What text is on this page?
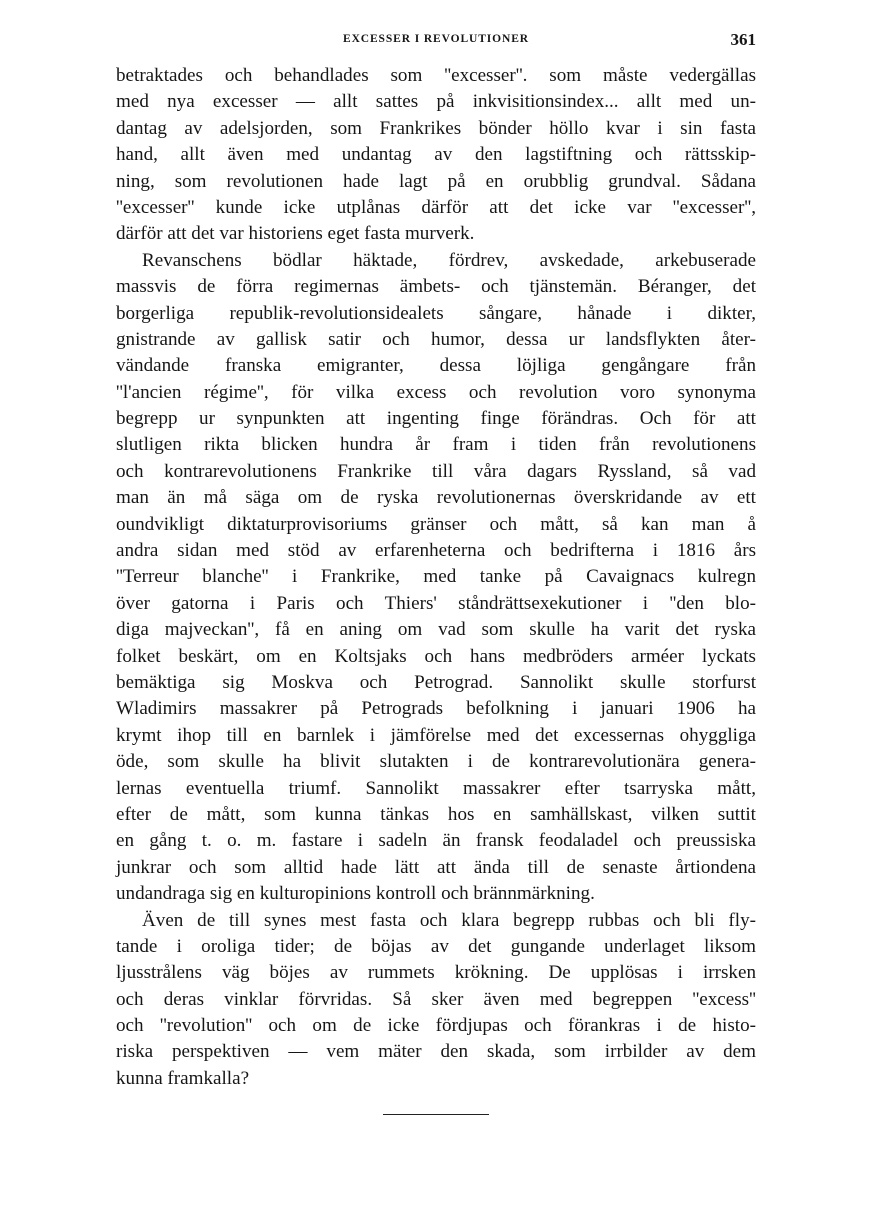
EXCESSER I REVOLUTIONER	361
betraktades och behandlades som ''excesser''. som måste vedergällas
med nya excesser — allt sattes på inkvisitionsindex... allt med un-
dantag av adelsjorden, som Frankrikes bönder höllo kvar i sin fasta
hand, allt även med undantag av den lagstiftning och rättsskip-
ning, som revolutionen hade lagt på en orubblig grundval. Sådana
''excesser'' kunde icke utplånas därför att det icke var ''excesser'',
därför att det var historiens eget fasta murverk.
Revanschens bödlar häktade, fördrev, avskedade, arkebuserade
massvis de förra regimernas ämbets- och tjänstemän. Béranger, det
borgerliga republik-revolutionsidealets sångare, hånade i dikter,
gnistrande av gallisk satir och humor, dessa ur landsflykten åter-
vändande franska emigranter, dessa löjliga gengångare från
''l'ancien régime'', för vilka excess och revolution voro synonyma
begrepp ur synpunkten att ingenting finge förändras. Och för att
slutligen rikta blicken hundra år fram i tiden från revolutionens
och kontrarevolutionens Frankrike till våra dagars Ryssland, så vad
man än må säga om de ryska revolutionernas överskridande av ett
oundvikligt diktaturprovisoriums gränser och mått, så kan man å
andra sidan med stöd av erfarenheterna och bedrifterna i 1816 års
''Terreur blanche'' i Frankrike, med tanke på Cavaignacs kulregn
över gatorna i Paris och Thiers' ståndrättsexekutioner i ''den blo-
diga majveckan'', få en aning om vad som skulle ha varit det ryska
folket beskärt, om en Koltsjaks och hans medbröders arméer lyckats
bemäktiga sig Moskva och Petrograd. Sannolikt skulle storfurst
Wladimirs massakrer på Petrograds befolkning i januari 1906 ha
krymt ihop till en barnlek i jämförelse med det excessernas ohyggliga
öde, som skulle ha blivit slutakten i de kontrarevolutionära genera-
lernas eventuella triumf. Sannolikt massakrer efter tsarryska mått,
efter de mått, som kunna tänkas hos en samhällskast, vilken suttit
en gång t. o. m. fastare i sadeln än fransk feodaladel och preussiska
junkrar och som alltid hade lätt att ända till de senaste årtiondena
undandraga sig en kulturopinions kontroll och brännmärkning.
Även de till synes mest fasta och klara begrepp rubbas och bli fly-
tande i oroliga tider; de böjas av det gungande underlaget liksom
ljusstrålens väg böjes av rummets krökning. De upplösas i irrsken
och deras vinklar förvridas. Så sker även med begreppen ''excess''
och ''revolution'' och om de icke fördjupas och förankras i de histo-
riska perspektiven — vem mäter den skada, som irrbilder av dem
kunna framkalla?
